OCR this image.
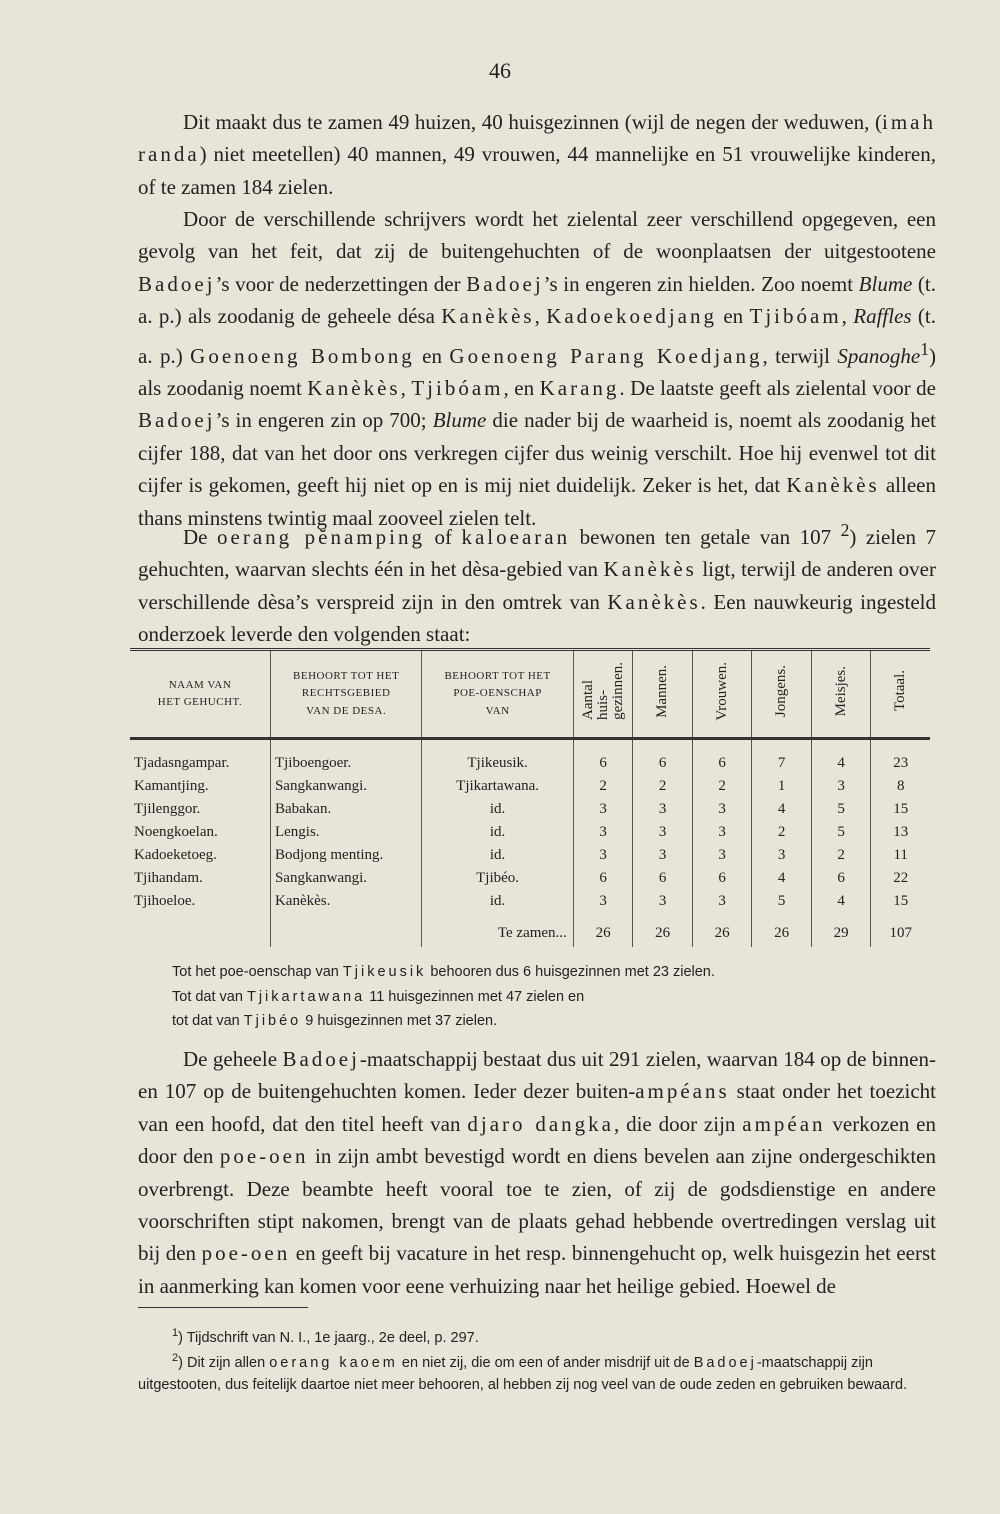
46

Dit maakt dus te zamen 49 huizen, 40 huisgezinnen (wijl de negen der weduwen, (imah randa) niet meetellen) 40 mannen, 49 vrouwen, 44 mannelijke en 51 vrouwelijke kinderen, of te zamen 184 zielen.

Door de verschillende schrijvers wordt het zielental zeer verschillend opgegeven, een gevolg van het feit, dat zij de buitengehuchten of de woonplaatsen der uitgestootene Badoej’s voor de nederzettingen der Badoej’s in engeren zin hielden. Zoo noemt Blume (t. a. p.) als zoodanig de geheele désa Kanèkès, Kadoekoedjang en Tjibóam, Raffles (t. a. p.) Goenoeng Bombong en Goenoeng Parang Koedjang, terwijl Spanoghe$^1$) als zoodanig noemt Kanèkès, Tjibóam, en Karang. De laatste geeft als zielental voor de Badoej’s in engeren zin op 700; Blume die nader bij de waarheid is, noemt als zoodanig het cijfer 188, dat van het door ons verkregen cijfer dus weinig verschilt. Hoe hij evenwel tot dit cijfer is gekomen, geeft hij niet op en is mij niet duidelijk. Zeker is het, dat Kanèkès alleen thans minstens twintig maal zooveel zielen telt.

De oerang pĕnamping of kaloearan bewonen ten getale van 107 $^2$) zielen 7 gehuchten, waarvan slechts één in het dèsa-gebied van Kanèkès ligt, terwijl de anderen over verschillende dèsa’s verspreid zijn in den omtrek van Kanèkès. Een nauwkeurig ingesteld onderzoek leverde den volgenden staat:

NAAM VAN
HET GEHUCHT.	BEHOORT TOT HET
RECHTSGEBIED
VAN DE DESA.	BEHOORT TOT HET
POE-OENSCHAP
VAN	Aantalhuis-gezinnen.	Mannen.	Vrouwen.	Jongens.	Meisjes.	Totaal.
Tjadasngampar.	Tjiboengoer.	Tjikeusik.	6	6	6	7	4	23
Kamantjing.	Sangkanwangi.	Tjikartawana.	2	2	2	1	3	8
Tjilenggor.	Babakan.	id.	3	3	3	4	5	15
Noengkoelan.	Lengis.	id.	3	3	3	2	5	13
Kadoeketoeg.	Bodjong menting.	id.	3	3	3	3	2	11
Tjihandam.	Sangkanwangi.	Tjibéo.	6	6	6	4	6	22
Tjihoeloe.	Kanèkès.	id.	3	3	3	5	4	15
		Te zamen...	26	26	26	26	29	107

Tot het poe-oenschap van Tjikeusik behooren dus 6 huisgezinnen met 23 zielen.

Tot dat van Tjikartawana 11 huisgezinnen met 47 zielen en

tot dat van Tjibéo 9 huisgezinnen met 37 zielen.

De geheele Badoej-maatschappij bestaat dus uit 291 zielen, waarvan 184 op de binnen- en 107 op de buitengehuchten komen. Ieder dezer buiten-ampéans staat onder het toezicht van een hoofd, dat den titel heeft van djaro dangka, die door zijn ampéan verkozen en door den poe-oen in zijn ambt bevestigd wordt en diens bevelen aan zijne ondergeschikten overbrengt. Deze beambte heeft vooral toe te zien, of zij de godsdienstige en andere voorschriften stipt nakomen, brengt van de plaats gehad hebbende overtredingen verslag uit bij den poe-oen en geeft bij vacature in het resp. binnengehucht op, welk huisgezin het eerst in aanmerking kan komen voor eene verhuizing naar het heilige gebied. Hoewel de

$^1$) Tijdschrift van N. I., 1e jaarg., 2e deel, p. 297.

$^2$) Dit zijn allen oerang kaoem en niet zij, die om een of ander misdrijf uit de Badoej-maatschappij zijn uitgestooten, dus feitelijk daartoe niet meer behooren, al hebben zij nog veel van de oude zeden en gebruiken bewaard.
